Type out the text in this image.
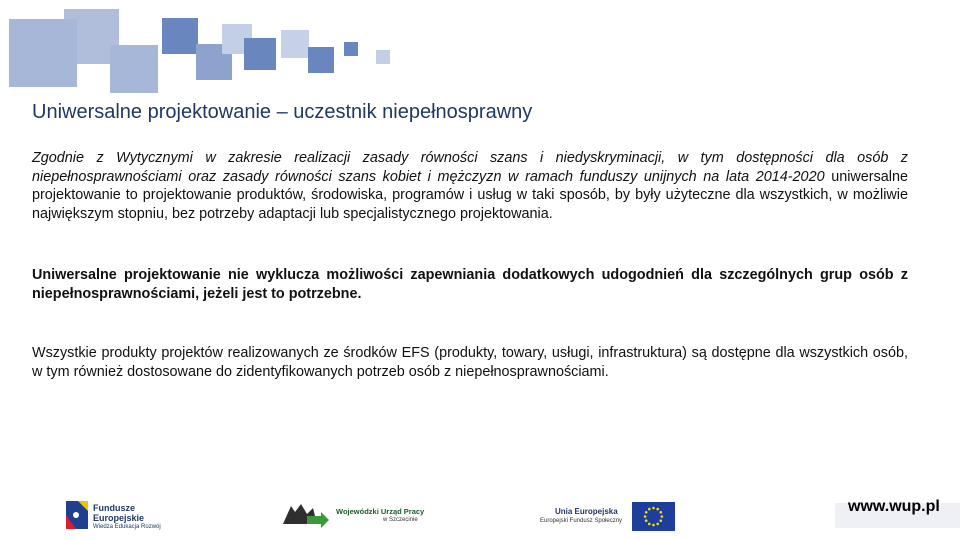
Uniwersalne projektowanie – uczestnik niepełnosprawny

Zgodnie z Wytycznymi w zakresie realizacji zasady równości szans i niedyskryminacji, w tym dostępności dla osób z niepełnosprawnościami oraz zasady równości szans kobiet i mężczyzn w ramach funduszy unijnych na lata 2014-2020 uniwersalne projektowanie to projektowanie produktów, środowiska, programów i usług w taki sposób, by były użyteczne dla wszystkich, w możliwie największym stopniu, bez potrzeby adaptacji lub specjalistycznego projektowania.

Uniwersalne projektowanie nie wyklucza możliwości zapewniania dodatkowych udogodnień dla szczególnych grup osób z niepełnosprawnościami, jeżeli jest to potrzebne.

Wszystkie produkty projektów realizowanych ze środków EFS (produkty, towary, usługi, infrastruktura) są dostępne dla wszystkich osób, w tym również dostosowane do zidentyfikowanych potrzeb osób z niepełnosprawnościami.

Fundusze
Europejskie
Wiedza Edukacja Rozwój
Wojewódzki Urząd Pracy
w Szczecinie
Unia Europejska
Europejski Fundusz Społeczny

www.wup.pl
